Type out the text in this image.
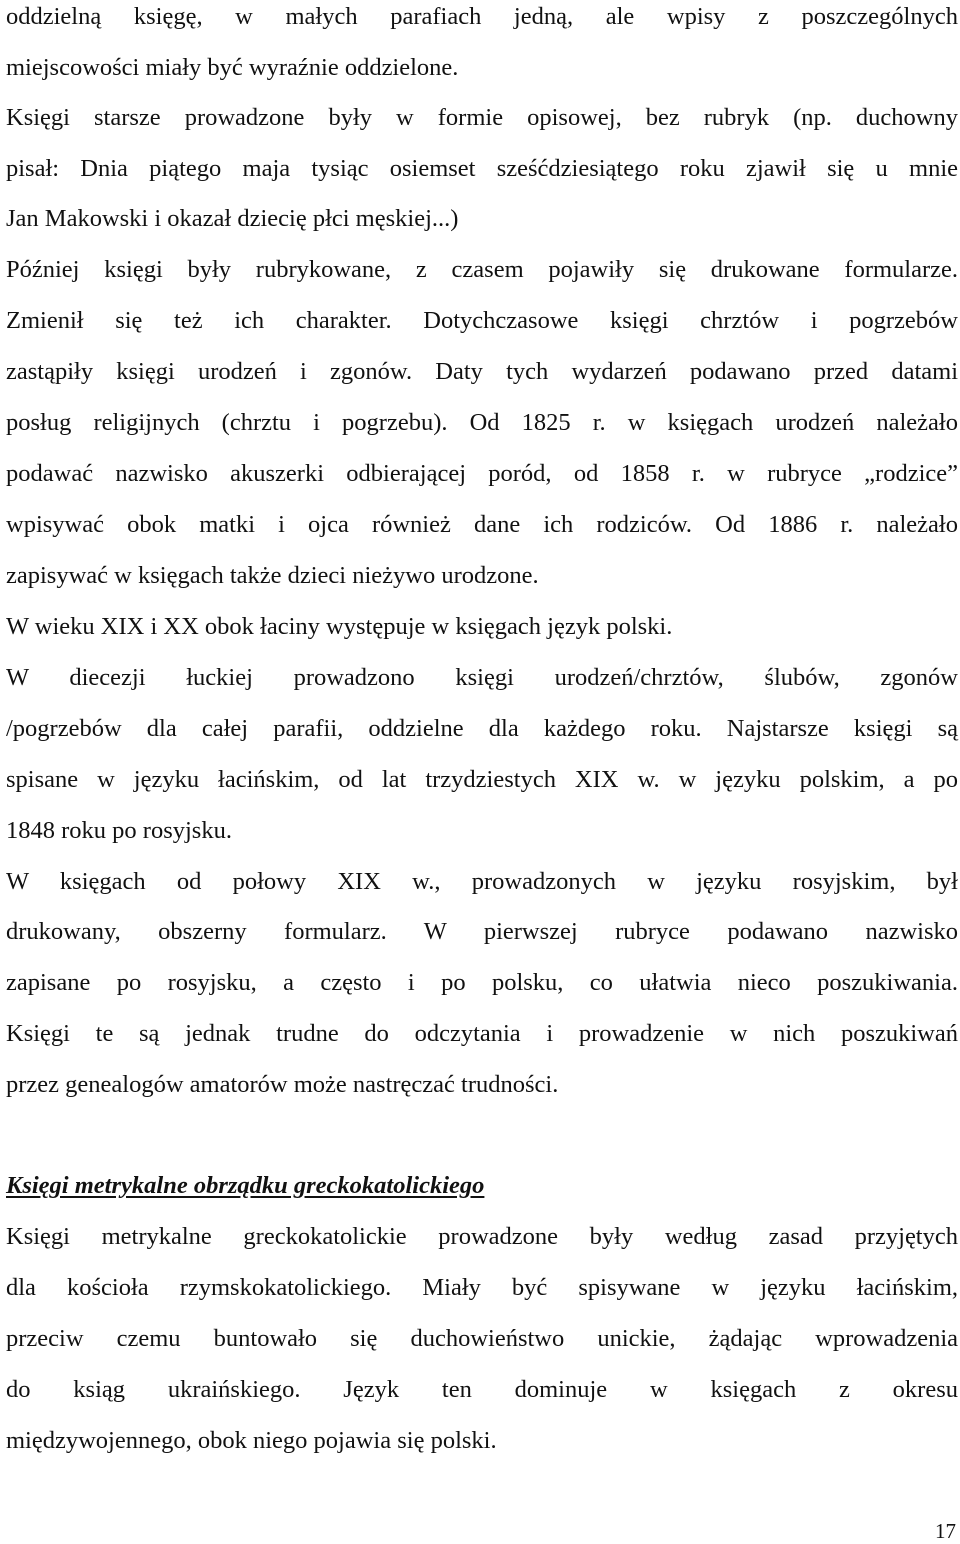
oddzielną księgę, w małych parafiach jedną, ale wpisy z poszczególnych
miejscowości miały być wyraźnie oddzielone.
Księgi starsze prowadzone były w formie opisowej, bez rubryk (np. duchowny
pisał: Dnia piątego maja tysiąc osiemset sześćdziesiątego roku zjawił się u mnie
Jan Makowski i okazał dziecię płci męskiej...)
Później księgi były rubrykowane, z czasem pojawiły się drukowane formularze.
Zmienił się też ich charakter. Dotychczasowe księgi chrztów i pogrzebów
zastąpiły księgi urodzeń i zgonów. Daty tych wydarzeń podawano przed datami
posług religijnych (chrztu i pogrzebu). Od 1825 r. w księgach urodzeń należało
podawać nazwisko akuszerki odbierającej poród, od 1858 r. w rubryce „rodzice”
wpisywać obok matki i ojca również dane ich rodziców. Od 1886 r. należało
zapisywać w księgach także dzieci nieżywo urodzone.
W wieku XIX i XX obok łaciny występuje w księgach język polski.
W diecezji łuckiej prowadzono księgi urodzeń/chrztów, ślubów, zgonów
/pogrzebów dla całej parafii, oddzielne dla każdego roku. Najstarsze księgi są
spisane w języku łacińskim, od lat trzydziestych XIX w. w języku polskim, a po
1848 roku po rosyjsku.
W księgach od połowy XIX w., prowadzonych w języku rosyjskim, był
drukowany, obszerny formularz. W pierwszej rubryce podawano nazwisko
zapisane po rosyjsku, a często i po polsku, co ułatwia nieco poszukiwania.
Księgi te są jednak trudne do odczytania i prowadzenie w nich poszukiwań
przez genealogów amatorów może nastręczać trudności.
Księgi metrykalne obrządku greckokatolickiego
Księgi metrykalne greckokatolickie prowadzone były według zasad przyjętych
dla kościoła rzymskokatolickiego. Miały być spisywane w języku łacińskim,
przeciw czemu buntowało się duchowieństwo unickie, żądając wprowadzenia
do ksiąg ukraińskiego. Język ten dominuje w księgach z okresu
międzywojennego, obok niego pojawia się polski.
17
